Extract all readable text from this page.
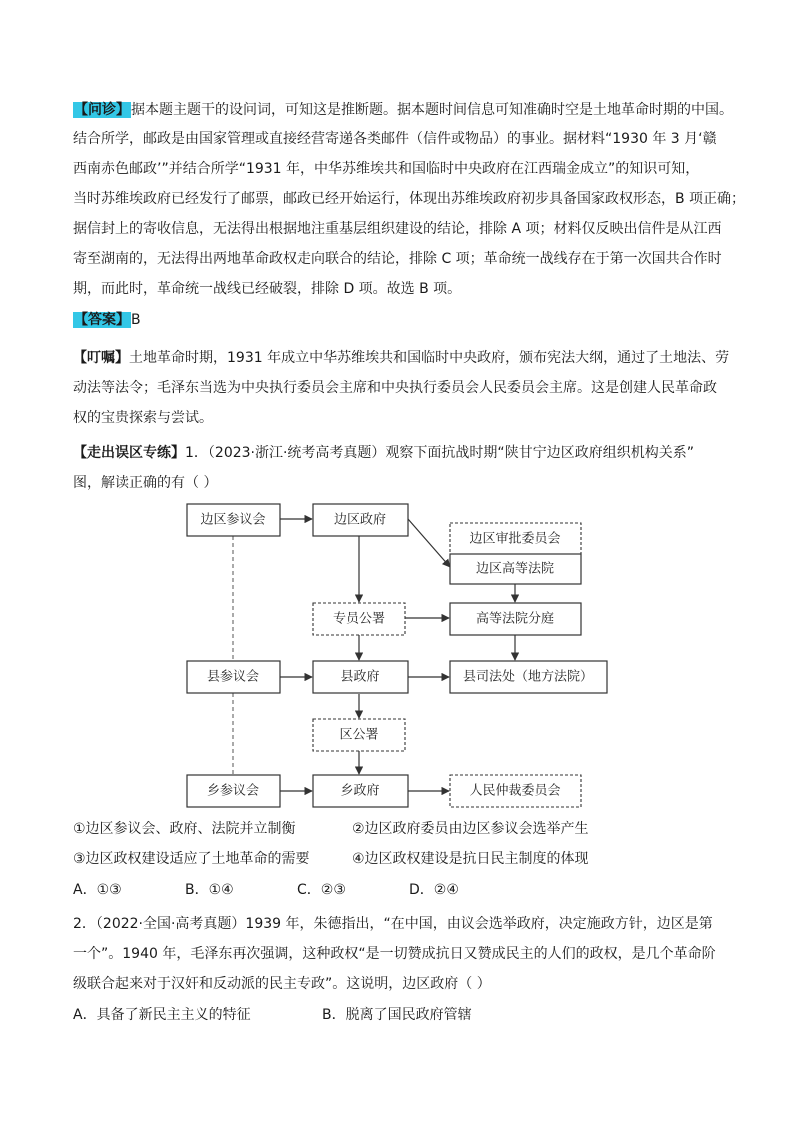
【问诊】据本题主题干的设问词，可知这是推断题。据本题时间信息可知准确时空是土地革命时期的中国。
结合所学，邮政是由国家管理或直接经营寄递各类邮件（信件或物品）的事业。据材料“1930 年 3 月‘赣
西南赤色邮政’”并结合所学“1931 年，中华苏维埃共和国临时中央政府在江西瑞金成立”的知识可知，
当时苏维埃政府已经发行了邮票，邮政已经开始运行，体现出苏维埃政府初步具备国家政权形态，B 项正确；
据信封上的寄收信息，无法得出根据地注重基层组织建设的结论，排除 A 项；材料仅反映出信件是从江西
寄至湖南的，无法得出两地革命政权走向联合的结论，排除 C 项；革命统一战线存在于第一次国共合作时
期，而此时，革命统一战线已经破裂，排除 D 项。故选 B 项。
【答案】B
【叮嘱】土地革命时期，1931 年成立中华苏维埃共和国临时中央政府，颁布宪法大纲，通过了土地法、劳
动法等法令；毛泽东当选为中央执行委员会主席和中央执行委员会人民委员会主席。这是创建人民革命政
权的宝贵探索与尝试。
【走出误区专练】1．（2023·浙江·统考高考真题）观察下面抗战时期“陕甘宁边区政府组织机构关系”
图，解读正确的有（ ）
边区参议会	边区政府
边区审批委员会
边区高等法院
专员公署	高等法院分庭
县参议会	县政府	县司法处（地方法院）
区公署
乡参议会	乡政府	人民仲裁委员会
①边区参议会、政府、法院并立制衡	②边区政府委员由边区参议会选举产生
③边区政权建设适应了土地革命的需要	④边区政权建设是抗日民主制度的体现
A．①③	B．①④	C．②③	D．②④
2．（2022·全国·高考真题）1939 年，朱德指出，“在中国，由议会选举政府，决定施政方针，边区是第
一个”。1940 年，毛泽东再次强调，这种政权“是一切赞成抗日又赞成民主的人们的政权，是几个革命阶
级联合起来对于汉奸和反动派的民主专政”。这说明，边区政府（ ）
A．具备了新民主主义的特征	B．脱离了国民政府管辖
